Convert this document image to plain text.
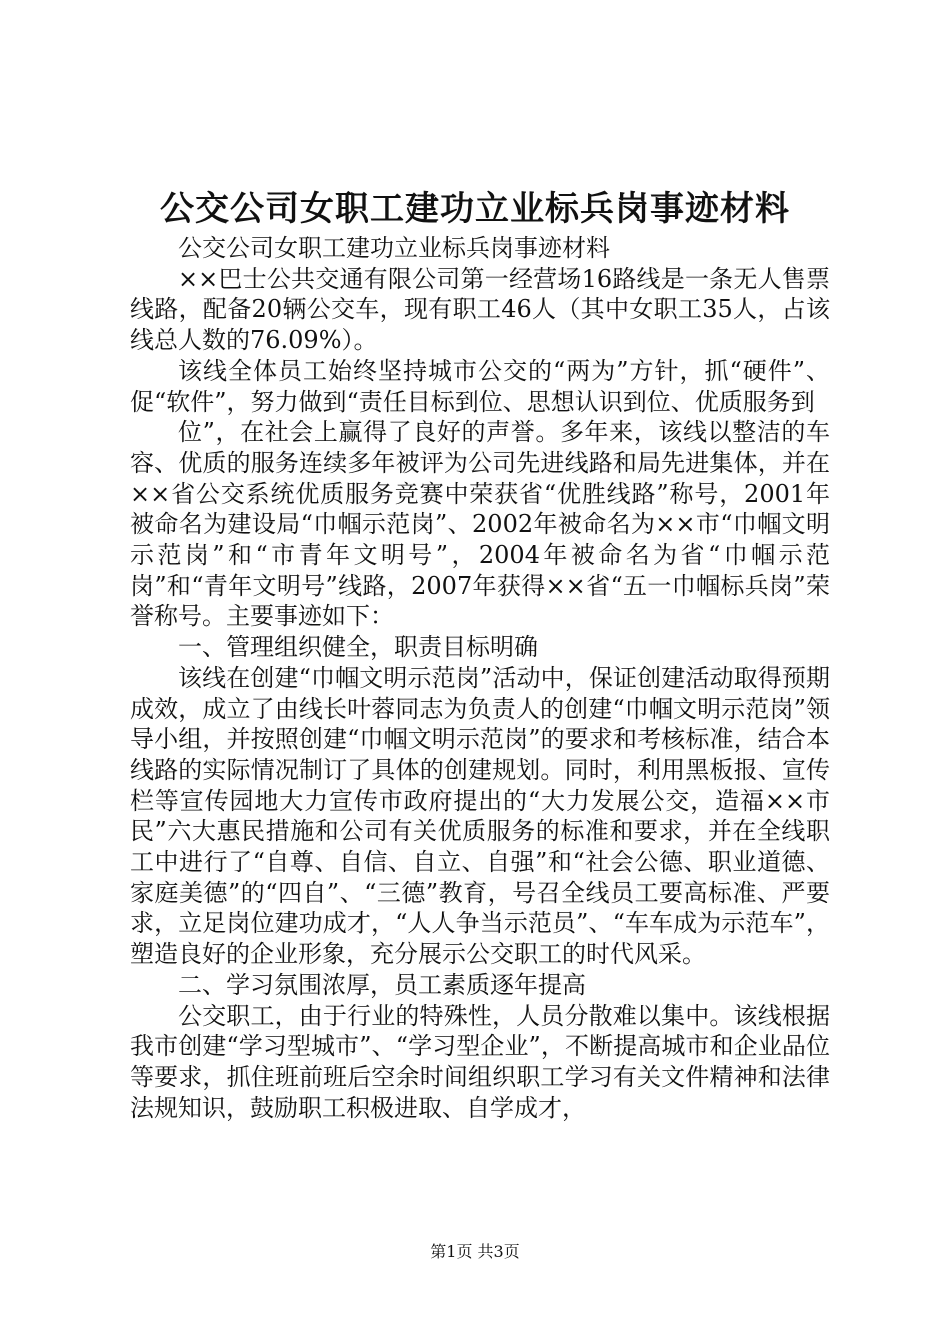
公交公司女职工建功立业标兵岗事迹材料

公交公司女职工建功立业标兵岗事迹材料

××巴士公共交通有限公司第一经营场16路线是一条无人售票线路，配备20辆公交车，现有职工46人（其中女职工35人，占该线总人数的76.09%）。

该线全体员工始终坚持城市公交的“两为”方针，抓“硬件”、促“软件”，努力做到“责任目标到位、思想认识到位、优质服务到

位”，在社会上赢得了良好的声誉。多年来，该线以整洁的车容、优质的服务连续多年被评为公司先进线路和局先进集体，并在××省公交系统优质服务竞赛中荣获省“优胜线路”称号，2001年被命名为建设局“巾帼示范岗”、2002年被命名为××市“巾帼文明示范岗”和“市青年文明号”，2004年被命名为省“巾帼示范岗”和“青年文明号”线路，2007年获得××省“五一巾帼标兵岗”荣誉称号。主要事迹如下：

一、管理组织健全，职责目标明确

该线在创建“巾帼文明示范岗”活动中，保证创建活动取得预期成效，成立了由线长叶蓉同志为负责人的创建“巾帼文明示范岗”领导小组，并按照创建“巾帼文明示范岗”的要求和考核标准，结合本线路的实际情况制订了具体的创建规划。同时，利用黑板报、宣传栏等宣传园地大力宣传市政府提出的“大力发展公交，造福××市民”六大惠民措施和公司有关优质服务的标准和要求，并在全线职工中进行了“自尊、自信、自立、自强”和“社会公德、职业道德、家庭美德”的“四自”、“三德”教育，号召全线员工要高标准、严要求，立足岗位建功成才，“人人争当示范员”、“车车成为示范车”，塑造良好的企业形象，充分展示公交职工的时代风采。

二、学习氛围浓厚，员工素质逐年提高

公交职工，由于行业的特殊性，人员分散难以集中。该线根据我市创建“学习型城市”、“学习型企业”，不断提高城市和企业品位等要求，抓住班前班后空余时间组织职工学习有关文件精神和法律法规知识，鼓励职工积极进取、自学成才，

第1页 共3页
